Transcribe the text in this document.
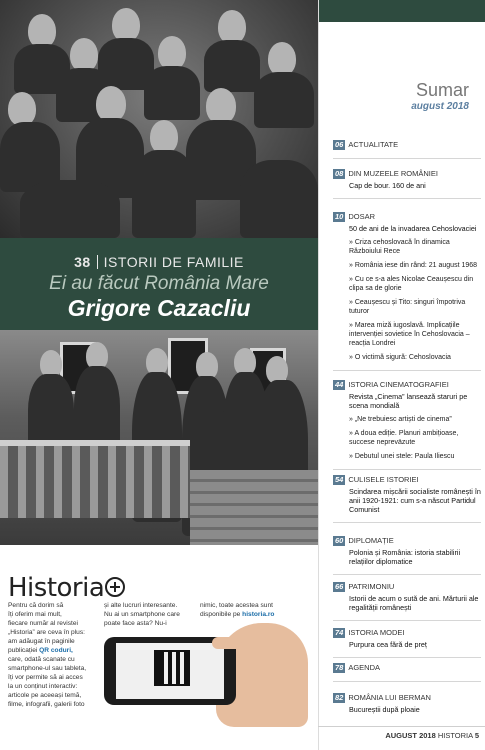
38 ISTORII DE FAMILIE
Ei au făcut România Mare
Grigore Cazacliu
Historia
Pentru că dorim să
îți oferim mai mult,
fiecare număr al revistei
„Historia” are ceva în plus:
am adăugat în paginile
publicației QR coduri,
care, odată scanate cu
smartphone-ul sau tableta,
îți vor permite să ai acces
la un conținut interactiv:
articole pe aceeași temă,
filme, infografii, galerii foto
și alte lucruri interesante.
Nu ai un smartphone care
poate face asta? Nu-i
nimic, toate acestea sunt
disponibile pe historia.ro
Sumar
august 2018
06 ACTUALITATE
08 DIN MUZEELE ROMÂNIEI
Cap de bour. 160 de ani
10 DOSAR
50 de ani de la invadarea Cehoslovaciei
» Criza cehoslovacă în dinamica Războiului Rece
» România iese din rând: 21 august 1968
» Cu ce s-a ales Nicolae Ceaușescu din clipa sa de glorie
» Ceaușescu și Tito: singuri împotriva tuturor
» Marea miză iugoslavă. Implicațiile intervenției sovietice în Cehoslovacia – reacția Londrei
» O victimă sigură: Cehoslovacia
44 ISTORIA CINEMATOGRAFIEI
Revista „Cinema” lansează staruri pe scena mondială
» „Ne trebuiesc artiști de cinema”
» A doua ediție. Planuri ambițioase, succese nepreväzute
» Debutul unei stele: Paula Iliescu
54 CULISELE ISTORIEI
Scindarea mișcării socialiste românești în anii 1920-1921: cum s-a născut Partidul Comunist
60 DIPLOMAȚIE
Polonia și România: istoria stabilirii relațiilor diplomatice
66 PATRIMONIU
Istorii de acum o sută de ani. Mărturii ale regalității românești
74 ISTORIA MODEI
Purpura cea fără de preț
78 AGENDA
82 ROMÂNIA LUI BERMAN
Bucureștii după ploaie
AUGUST 2018 HISTORIA 5
